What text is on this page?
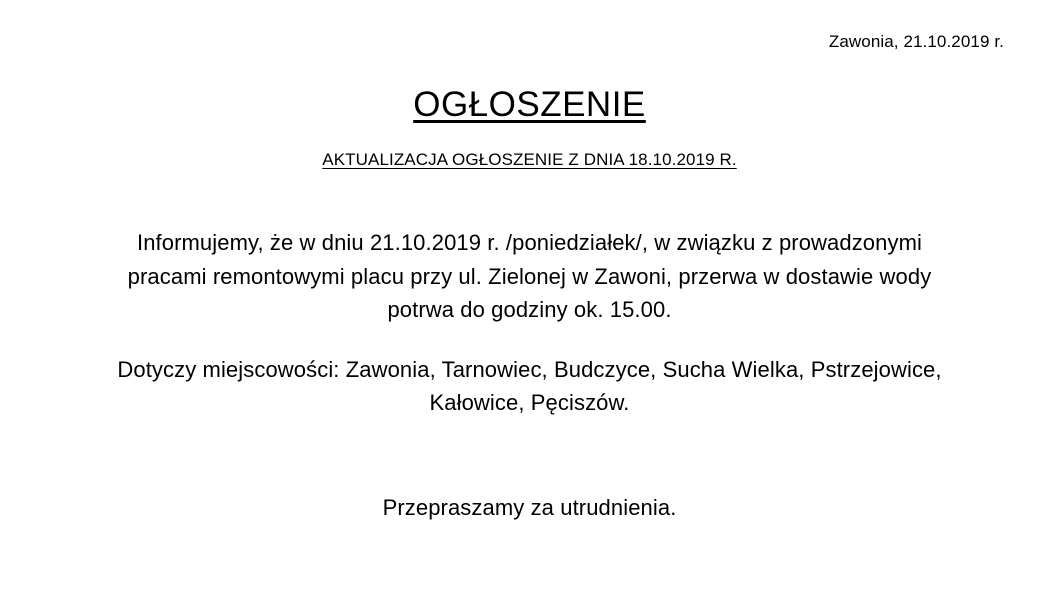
Zawonia, 21.10.2019 r.
OGŁOSZENIE
AKTUALIZACJA OGŁOSZENIE Z DNIA 18.10.2019 R.

Informujemy, że w dniu 21.10.2019 r. /poniedziałek/, w związku z prowadzonymi pracami remontowymi placu przy ul. Zielonej w Zawoni, przerwa w dostawie wody potrwa do godziny ok. 15.00.

Dotyczy miejscowości: Zawonia, Tarnowiec, Budczyce, Sucha Wielka, Pstrzejowice, Kałowice, Pęciszów.

Przepraszamy za utrudnienia.
